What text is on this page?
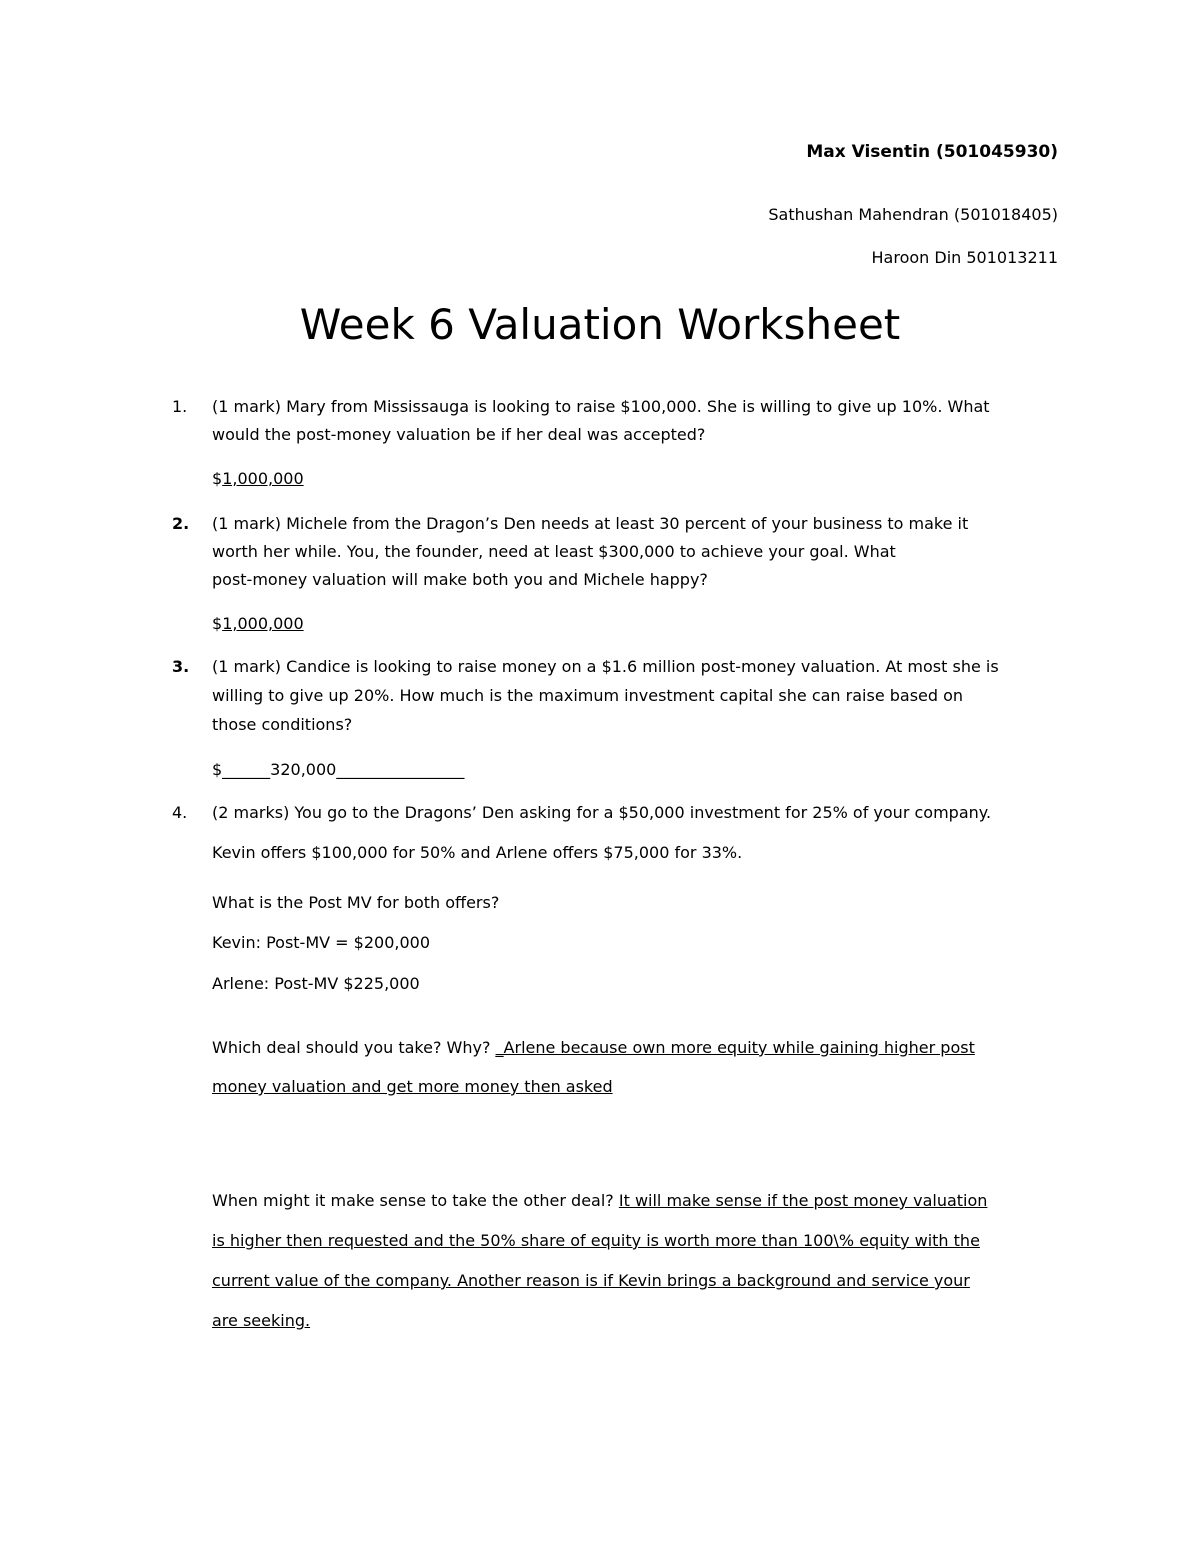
Max Visentin (501045930)
Sathushan Mahendran (501018405)
Haroon Din 501013211
Week 6 Valuation Worksheet
1. (1 mark) Mary from Mississauga is looking to raise $100,000. She is willing to give up 10%. What
would the post-money valuation be if her deal was accepted?
$1,000,000
2. (1 mark) Michele from the Dragon’s Den needs at least 30 percent of your business to make it
worth her while. You, the founder, need at least $300,000 to achieve your goal. What
post-money valuation will make both you and Michele happy?
$1,000,000
3. (1 mark) Candice is looking to raise money on a $1.6 million post-money valuation. At most she is
willing to give up 20%. How much is the maximum investment capital she can raise based on
those conditions?
$______320,000________________
4. (2 marks) You go to the Dragons’ Den asking for a $50,000 investment for 25% of your company.
Kevin offers $100,000 for 50% and Arlene offers $75,000 for 33%.
What is the Post MV for both offers?
Kevin: Post-MV = $200,000
Arlene: Post-MV $225,000
Which deal should you take? Why? _Arlene because own more equity while gaining higher post
money valuation and get more money then asked
When might it make sense to take the other deal? It will make sense if the post money valuation
is higher then requested and the 50% share of equity is worth more than 100\% equity with the
current value of the company. Another reason is if Kevin brings a background and service your
are seeking.
